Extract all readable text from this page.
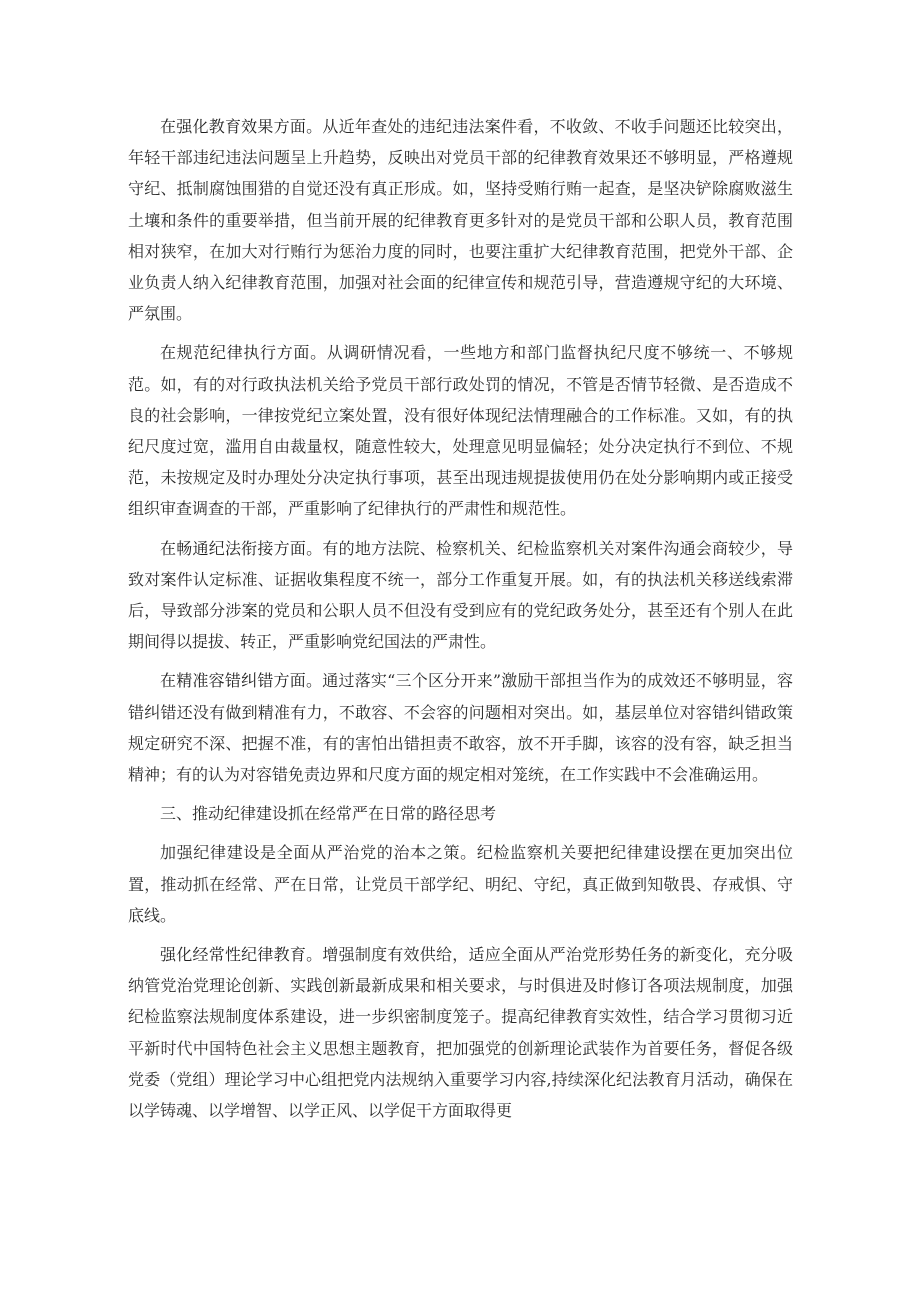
在强化教育效果方面。从近年查处的违纪违法案件看，不收敛、不收手问题还比较突出，年轻干部违纪违法问题呈上升趋势，反映出对党员干部的纪律教育效果还不够明显，严格遵规守纪、抵制腐蚀围猎的自觉还没有真正形成。如，坚持受贿行贿一起查，是坚决铲除腐败滋生土壤和条件的重要举措，但当前开展的纪律教育更多针对的是党员干部和公职人员，教育范围相对狭窄，在加大对行贿行为惩治力度的同时，也要注重扩大纪律教育范围，把党外干部、企业负责人纳入纪律教育范围，加强对社会面的纪律宣传和规范引导，营造遵规守纪的大环境、严氛围。

在规范纪律执行方面。从调研情况看，一些地方和部门监督执纪尺度不够统一、不够规范。如，有的对行政执法机关给予党员干部行政处罚的情况，不管是否情节轻微、是否造成不良的社会影响，一律按党纪立案处置，没有很好体现纪法情理融合的工作标准。又如，有的执纪尺度过宽，滥用自由裁量权，随意性较大，处理意见明显偏轻；处分决定执行不到位、不规范，未按规定及时办理处分决定执行事项，甚至出现违规提拔使用仍在处分影响期内或正接受组织审查调查的干部，严重影响了纪律执行的严肃性和规范性。

在畅通纪法衔接方面。有的地方法院、检察机关、纪检监察机关对案件沟通会商较少，导致对案件认定标准、证据收集程度不统一，部分工作重复开展。如，有的执法机关移送线索滞后，导致部分涉案的党员和公职人员不但没有受到应有的党纪政务处分，甚至还有个别人在此期间得以提拔、转正，严重影响党纪国法的严肃性。

在精准容错纠错方面。通过落实“三个区分开来”激励干部担当作为的成效还不够明显，容错纠错还没有做到精准有力，不敢容、不会容的问题相对突出。如，基层单位对容错纠错政策规定研究不深、把握不准，有的害怕出错担责不敢容，放不开手脚，该容的没有容，缺乏担当精神；有的认为对容错免责边界和尺度方面的规定相对笼统，在工作实践中不会准确运用。

三、推动纪律建设抓在经常严在日常的路径思考

加强纪律建设是全面从严治党的治本之策。纪检监察机关要把纪律建设摆在更加突出位置，推动抓在经常、严在日常，让党员干部学纪、明纪、守纪，真正做到知敬畏、存戒惧、守底线。

强化经常性纪律教育。增强制度有效供给，适应全面从严治党形势任务的新变化，充分吸纳管党治党理论创新、实践创新最新成果和相关要求，与时俱进及时修订各项法规制度，加强纪检监察法规制度体系建设，进一步织密制度笼子。提高纪律教育实效性，结合学习贯彻习近平新时代中国特色社会主义思想主题教育，把加强党的创新理论武装作为首要任务，督促各级党委（党组）理论学习中心组把党内法规纳入重要学习内容,持续深化纪法教育月活动，确保在以学铸魂、以学增智、以学正风、以学促干方面取得更
